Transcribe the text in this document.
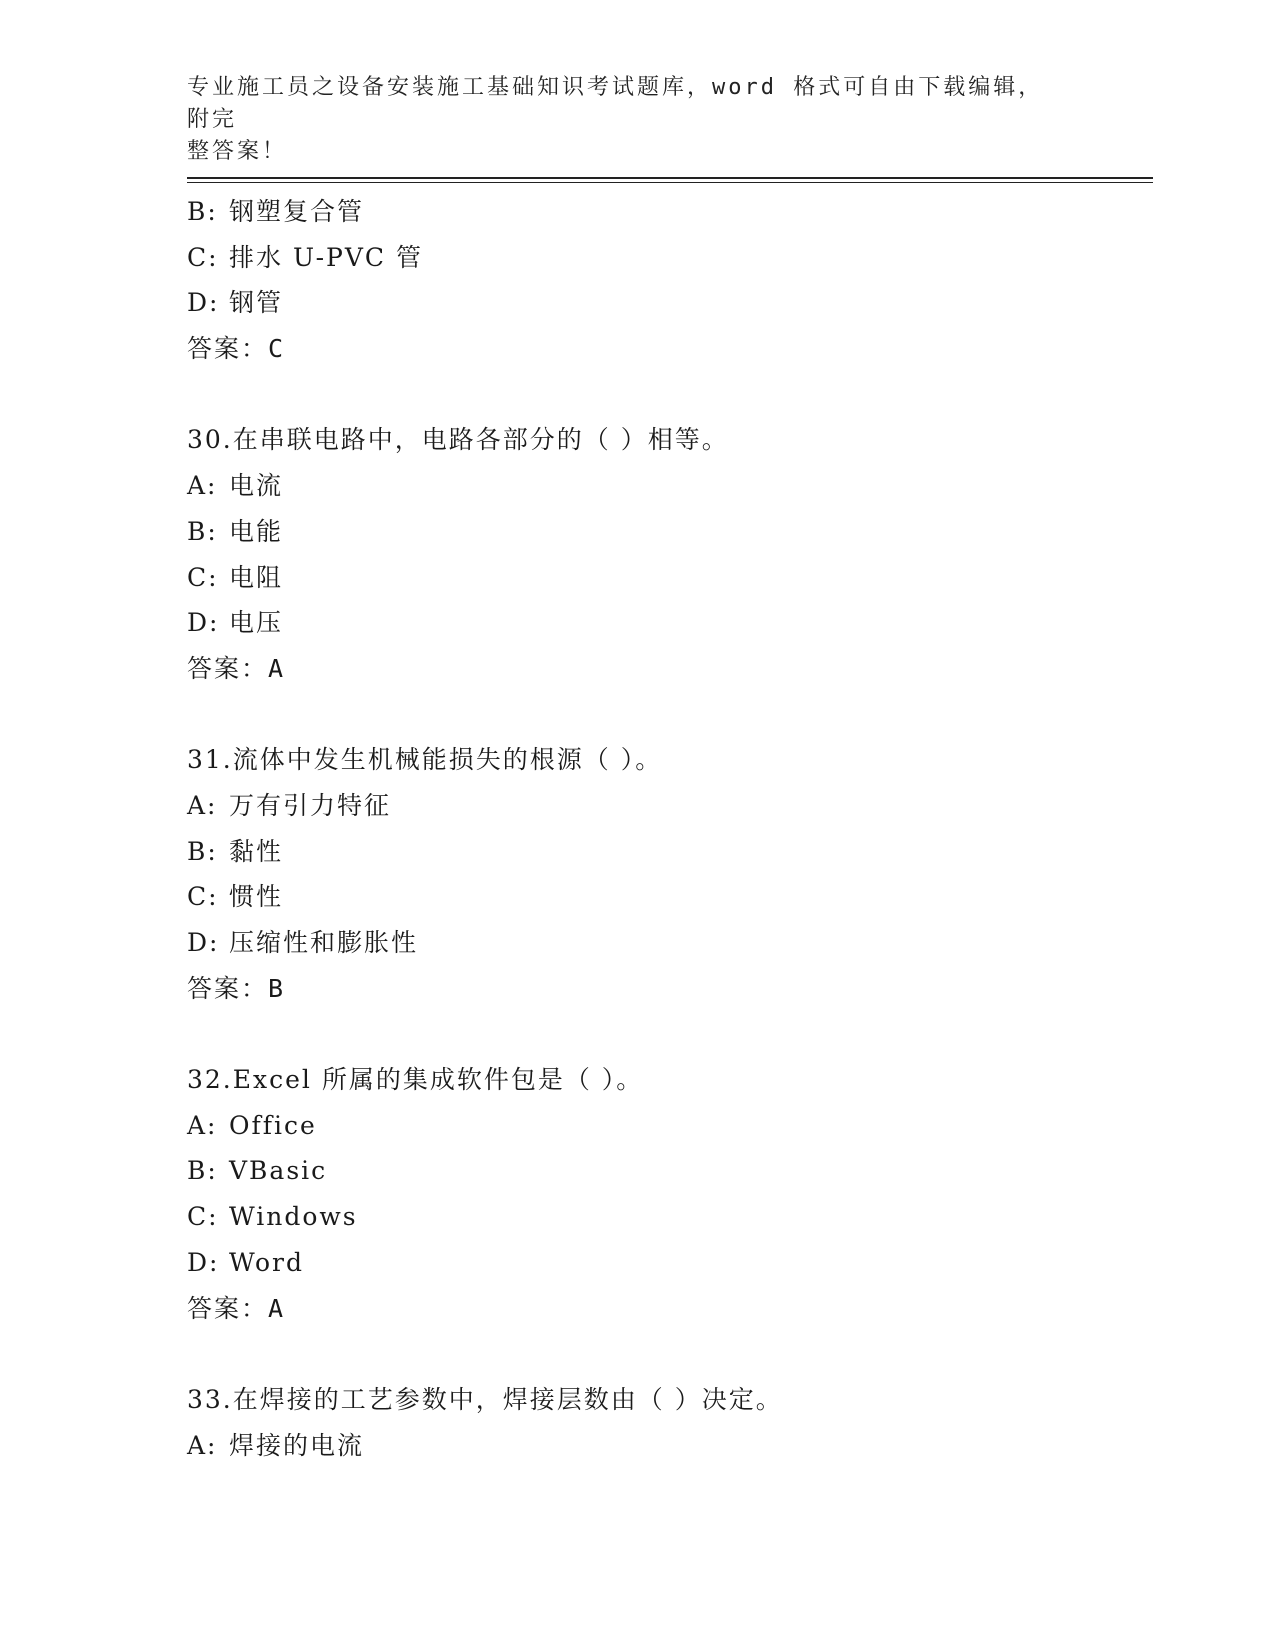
专业施工员之设备安装施工基础知识考试题库，word 格式可自由下载编辑，附完
整答案！
B: 钢塑复合管
C: 排水 U-PVC 管
D: 钢管
答案：C
30.在串联电路中，电路各部分的（ ）相等。
A: 电流
B: 电能
C: 电阻
D: 电压
答案：A
31.流体中发生机械能损失的根源（ ）。
A: 万有引力特征
B: 黏性
C: 惯性
D: 压缩性和膨胀性
答案：B
32.Excel 所属的集成软件包是（ ）。
A: Office
B: VBasic
C: Windows
D: Word
答案：A
33.在焊接的工艺参数中，焊接层数由（ ）决定。
A: 焊接的电流
